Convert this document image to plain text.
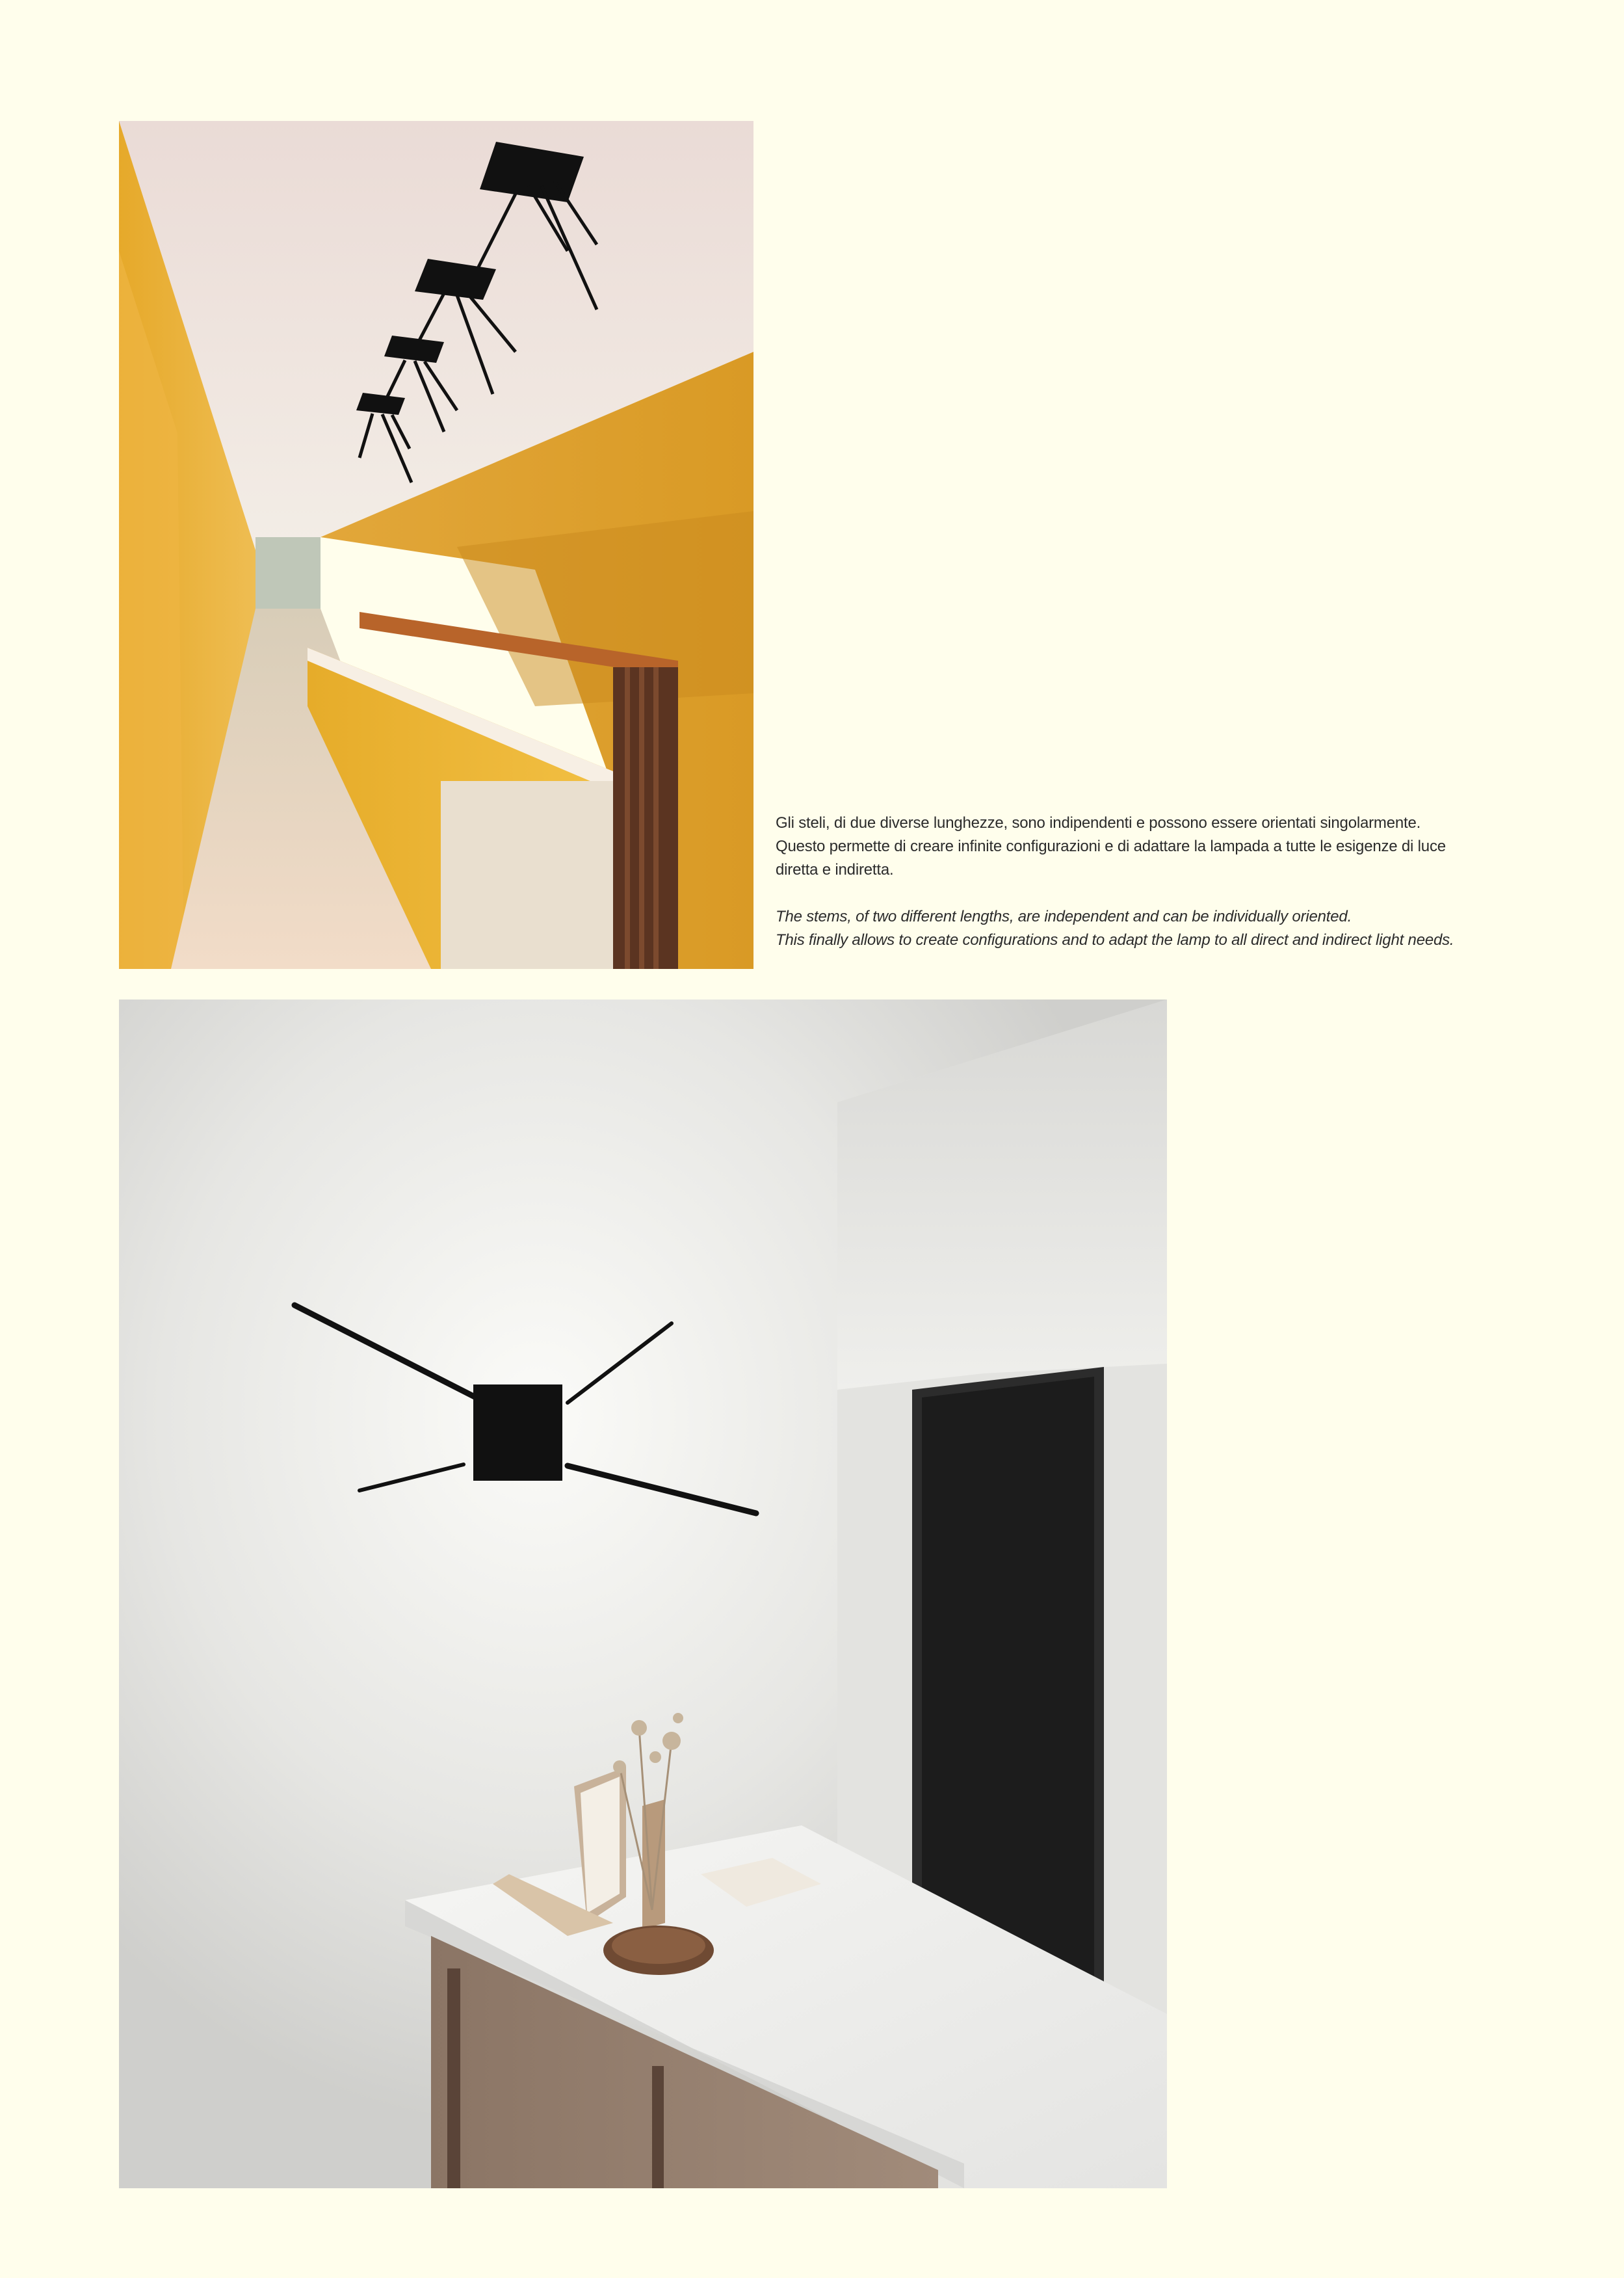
Gli steli, di due diverse lunghezze, sono indipendenti e possono essere orientati singolarmente.
Questo permette di creare infinite configurazioni e di adattare la lampada a tutte le esigenze di luce
diretta e indiretta.

The stems, of two different lengths, are independent and can be individually oriented.
This finally allows to create configurations and to adapt the lamp to all direct and indirect light needs.
